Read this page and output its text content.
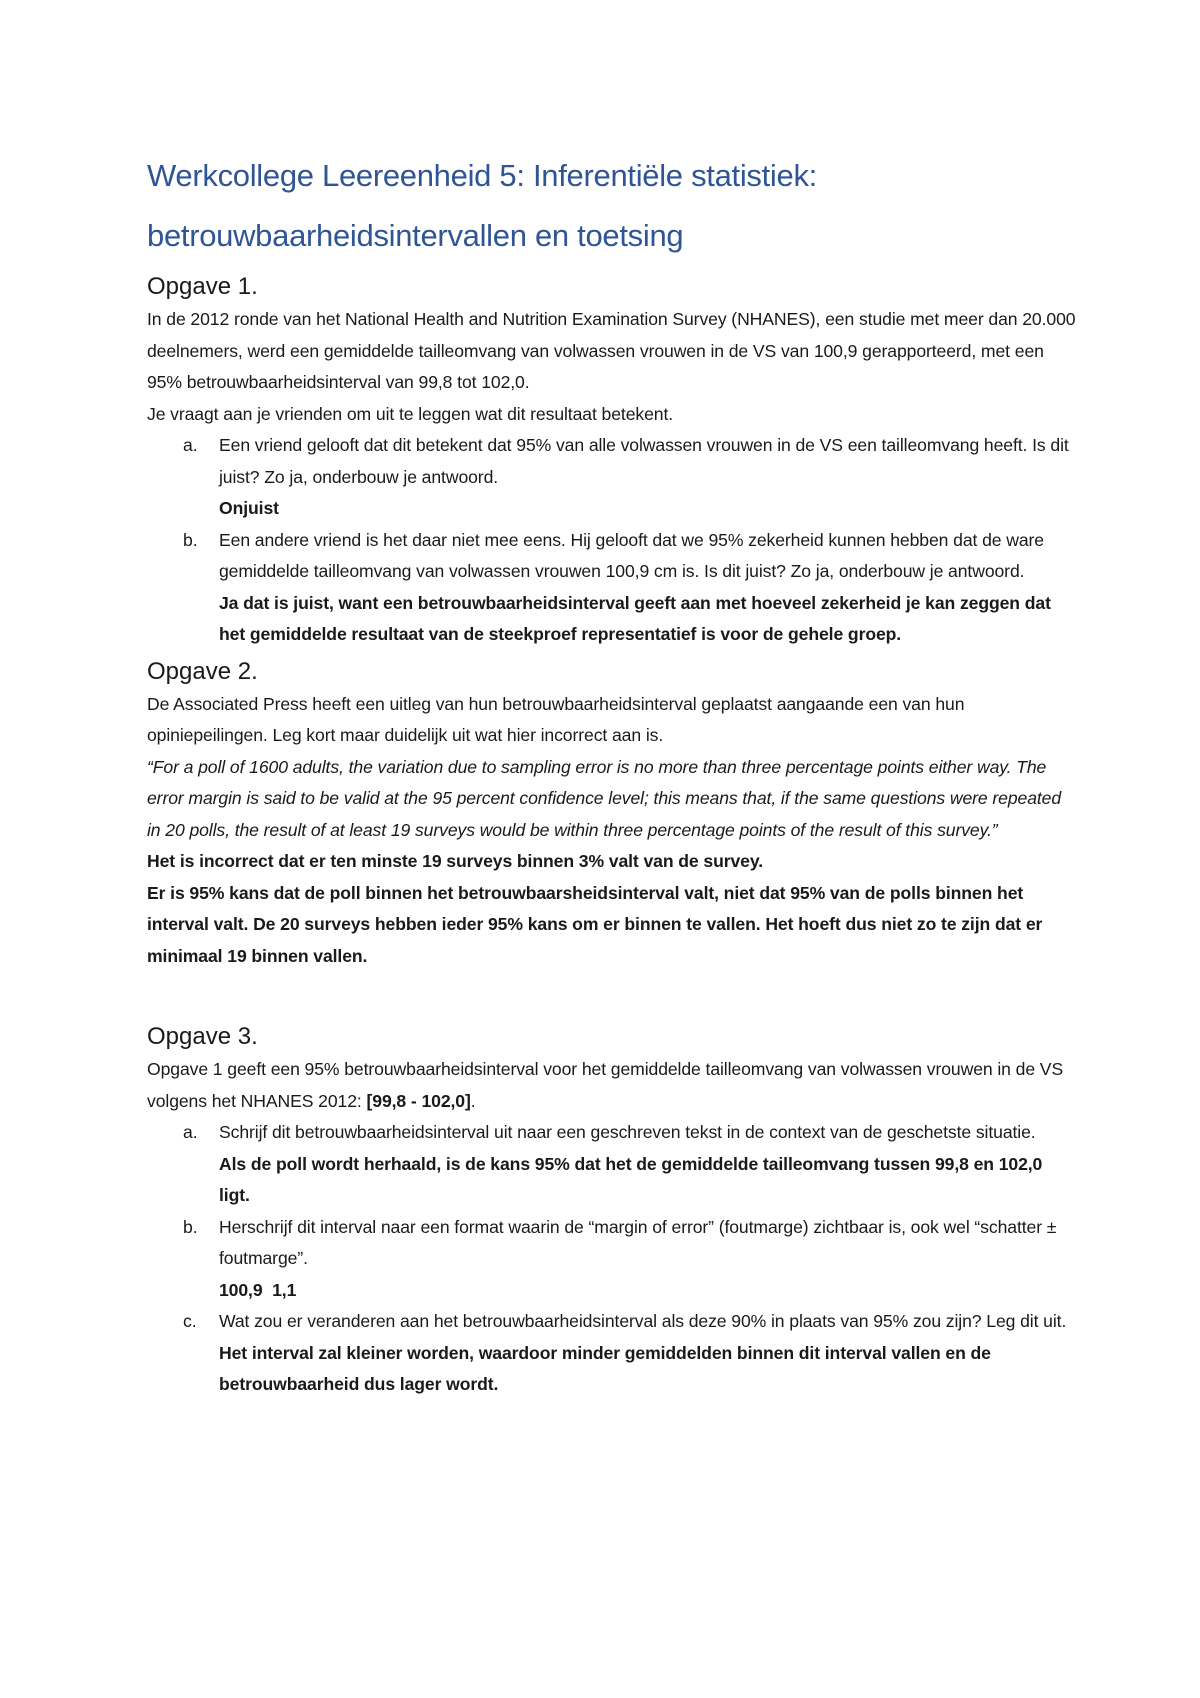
Werkcollege Leereenheid 5: Inferentiële statistiek:
betrouwbaarheidsintervallen en toetsing
Opgave 1.

In de 2012 ronde van het National Health and Nutrition Examination Survey (NHANES), een studie met meer dan 20.000 deelnemers, werd een gemiddelde tailleomvang van volwassen vrouwen in de VS van 100,9 gerapporteerd, met een 95% betrouwbaarheidsinterval van 99,8 tot 102,0.

Je vraagt aan je vrienden om uit te leggen wat dit resultaat betekent.

a. Een vriend gelooft dat dit betekent dat 95% van alle volwassen vrouwen in de VS een tailleomvang heeft. Is dit juist? Zo ja, onderbouw je antwoord.

Onjuist

b. Een andere vriend is het daar niet mee eens. Hij gelooft dat we 95% zekerheid kunnen hebben dat de ware gemiddelde tailleomvang van volwassen vrouwen 100,9 cm is. Is dit juist? Zo ja, onderbouw je antwoord.

Ja dat is juist, want een betrouwbaarheidsinterval geeft aan met hoeveel zekerheid je kan zeggen dat het gemiddelde resultaat van de steekproef representatief is voor de gehele groep.

Opgave 2.

De Associated Press heeft een uitleg van hun betrouwbaarheidsinterval geplaatst aangaande een van hun opiniepeilingen. Leg kort maar duidelijk uit wat hier incorrect aan is.

“For a poll of 1600 adults, the variation due to sampling error is no more than three percentage points either way. The error margin is said to be valid at the 95 percent confidence level; this means that, if the same questions were repeated in 20 polls, the result of at least 19 surveys would be within three percentage points of the result of this survey.”

Het is incorrect dat er ten minste 19 surveys binnen 3% valt van de survey.

Er is 95% kans dat de poll binnen het betrouwbaarsheidsinterval valt, niet dat 95% van de polls binnen het interval valt. De 20 surveys hebben ieder 95% kans om er binnen te vallen. Het hoeft dus niet zo te zijn dat er minimaal 19 binnen vallen.

Opgave 3.

Opgave 1 geeft een 95% betrouwbaarheidsinterval voor het gemiddelde tailleomvang van volwassen vrouwen in de VS volgens het NHANES 2012: [99,8 - 102,0].

a. Schrijf dit betrouwbaarheidsinterval uit naar een geschreven tekst in de context van de geschetste situatie.

Als de poll wordt herhaald, is de kans 95% dat het de gemiddelde tailleomvang tussen 99,8 en 102,0 ligt.

b. Herschrijf dit interval naar een format waarin de “margin of error” (foutmarge) zichtbaar is, ook wel “schatter ± foutmarge”.

100,9  1,1

c. Wat zou er veranderen aan het betrouwbaarheidsinterval als deze 90% in plaats van 95% zou zijn? Leg dit uit.

Het interval zal kleiner worden, waardoor minder gemiddelden binnen dit interval vallen en de betrouwbaarheid dus lager wordt.
